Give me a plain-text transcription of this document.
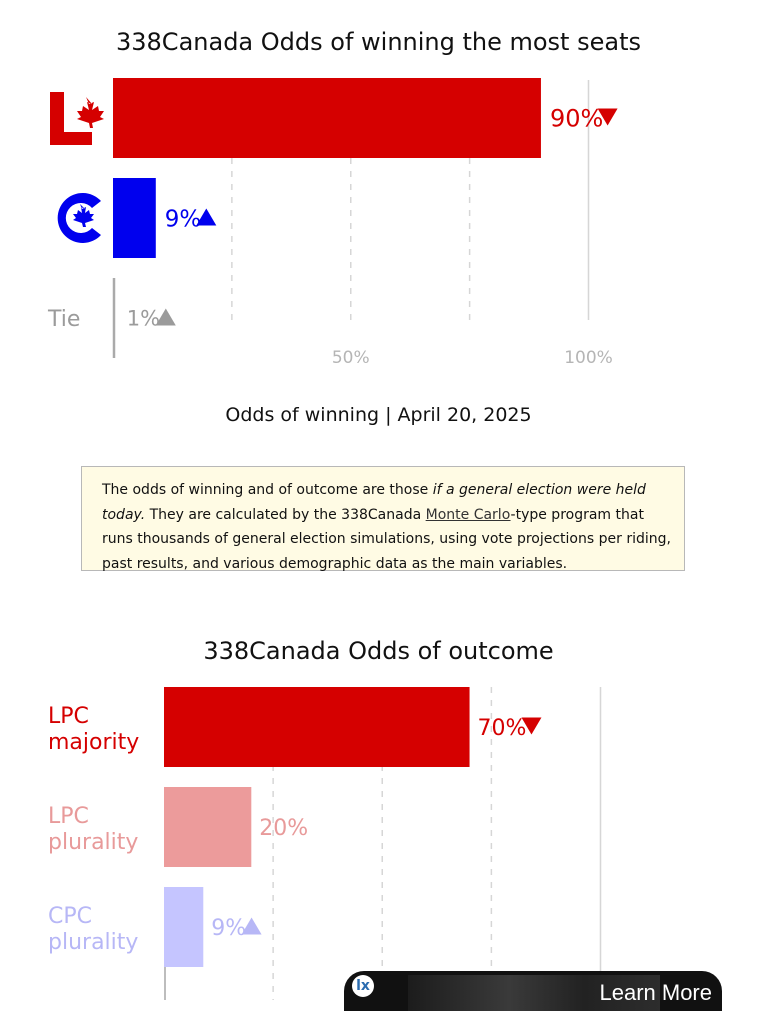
338Canada Odds of winning the most seats
50%	100%
90%
9%
1%
Tie
Odds of winning | April 20, 2025
The odds of winning and of outcome are those if a general election were held today. They are calculated by the 338Canada Monte Carlo-type program that runs thousands of general election simulations, using vote projections per riding, past results, and various demographic data as the main variables.
338Canada Odds of outcome
70%
LPC
majority
20%
LPC
plurality
9%
CPC
plurality
lx	Learn More
